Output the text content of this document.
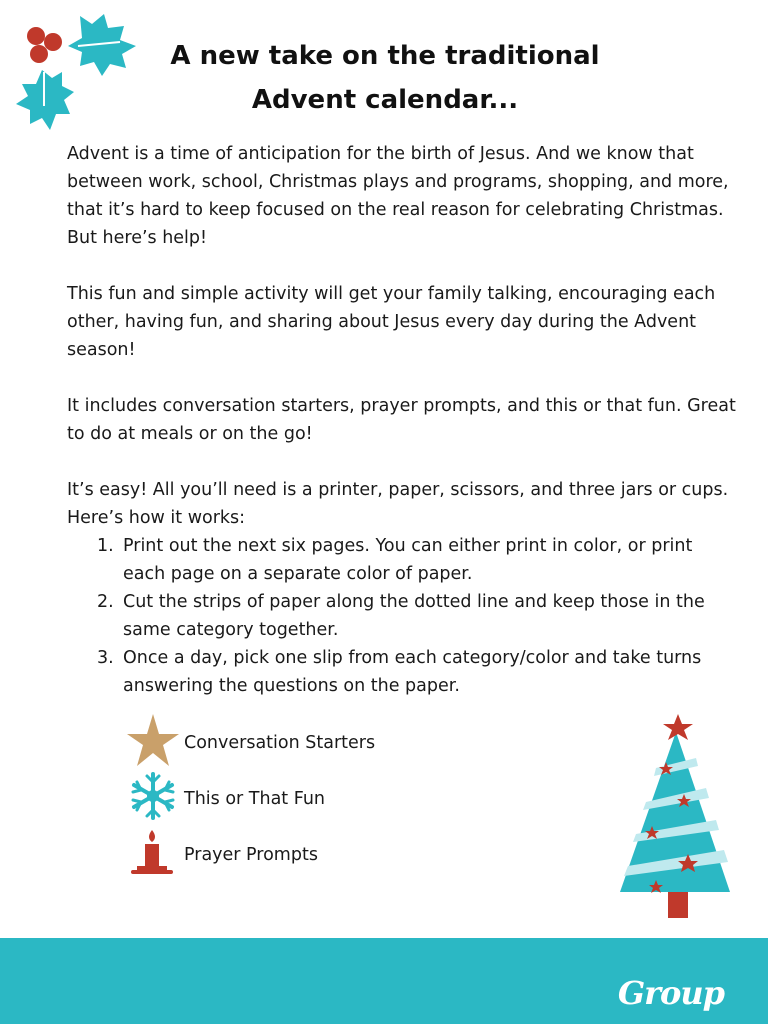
A new take on the traditional
Advent calendar...

Advent is a time of anticipation for the birth of Jesus. And we know that between work, school, Christmas plays and programs, shopping, and more, that it’s hard to keep focused on the real reason for celebrating Christmas. But here’s help!

This fun and simple activity will get your family talking, encouraging each other, having fun, and sharing about Jesus every day during the Advent season!

It includes conversation starters, prayer prompts, and this or that fun. Great to do at meals or on the go!

It’s easy! All you’ll need is a printer, paper, scissors, and three jars or cups. Here’s how it works:

1. Print out the next six pages. You can either print in color, or print each page on a separate color of paper.
2. Cut the strips of paper along the dotted line and keep those in the same category together.
3. Once a day, pick one slip from each category/color and take turns answering the questions on the paper.
Conversation Starters
This or That Fun
Prayer Prompts
Group
